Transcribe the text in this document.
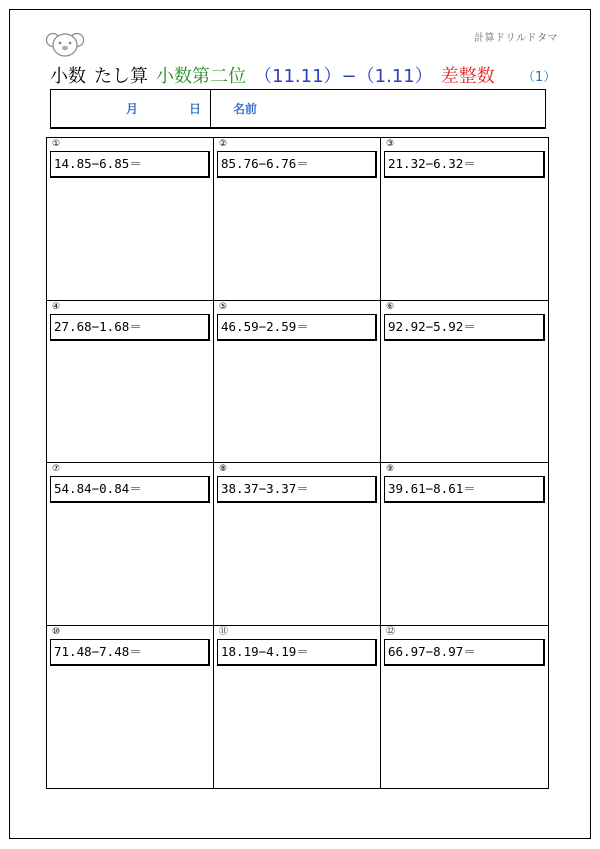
計算ドリルドタマ
小数 たし算 小数第二位 （11.11）−（1.11） 差整数 （1）
月	日	名前
①
14.85−6.85＝
②
85.76−6.76＝
③
21.32−6.32＝
④
27.68−1.68＝
⑤
46.59−2.59＝
⑥
92.92−5.92＝
⑦
54.84−0.84＝
⑧
38.37−3.37＝
⑨
39.61−8.61＝
⑩
71.48−7.48＝
⑪
18.19−4.19＝
⑫
66.97−8.97＝
